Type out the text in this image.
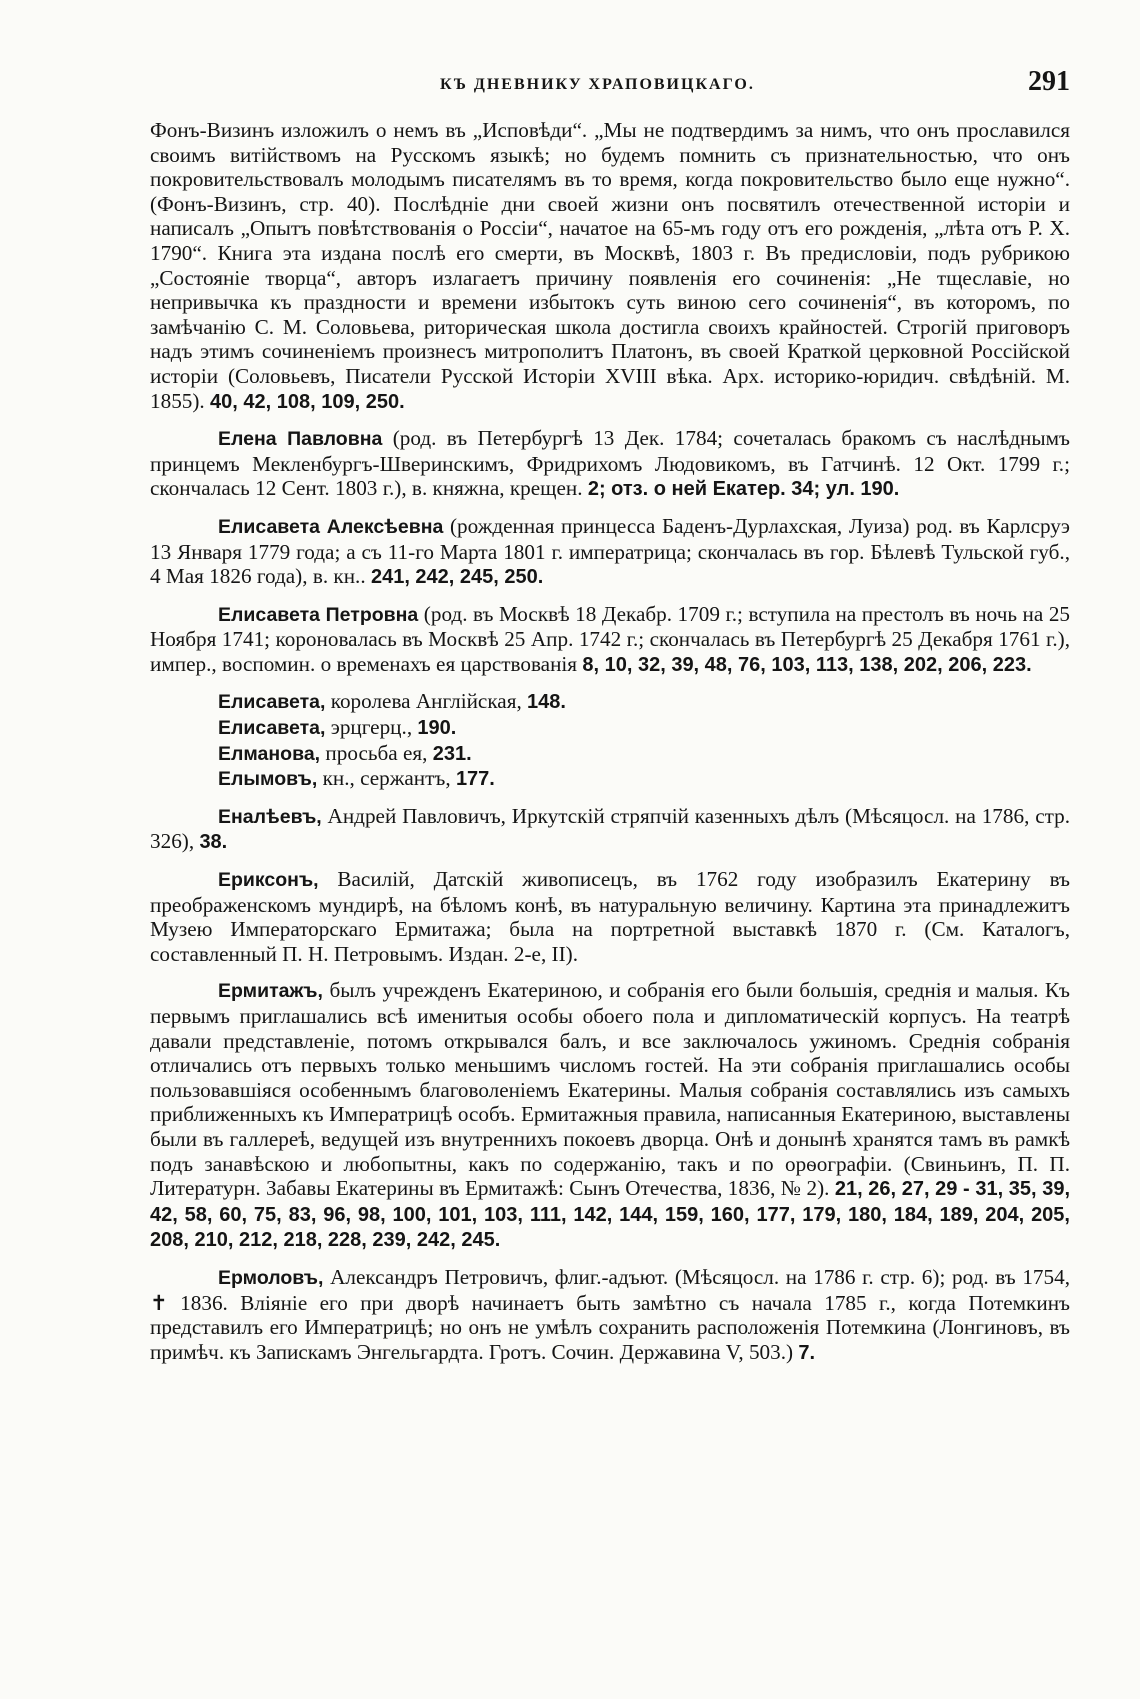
КЪ ДНЕВНИКУ ХРАПОВИЦКАГО.	291

Фонъ-Визинъ изложилъ о немъ въ „Исповѣди“. „Мы не подтвердимъ за нимъ, что онъ прославился своимъ витійствомъ на Русскомъ языкѣ; но будемъ помнить съ признательностью, что онъ покровительствовалъ молодымъ писателямъ въ то время, когда покровительство было еще нужно“. (Фонъ-Визинъ, стр. 40). Послѣдніе дни своей жизни онъ посвятилъ отечественной исторіи и написалъ „Опытъ повѣтствованія о Россіи“, начатое на 65-мъ году отъ его рожденія, „лѣта отъ Р. Х. 1790“. Книга эта издана послѣ его смерти, въ Москвѣ, 1803 г. Въ предисловіи, подъ рубрикою „Состояніе творца“, авторъ излагаетъ причину появленія его сочиненія: „Не тщеславіе, но непривычка къ праздности и времени избытокъ суть виною сего сочиненія“, въ которомъ, по замѣчанію С. М. Соловьева, риторическая школа достигла своихъ крайностей. Строгій приговоръ надъ этимъ сочиненіемъ произнесъ митрополитъ Платонъ, въ своей Краткой церковной Россійской исторіи (Соловьевъ, Писатели Русской Исторіи XVIII вѣка. Арх. историко-юридич. свѣдѣній. М. 1855). 40, 42, 108, 109, 250.

Елена Павловна (род. въ Петербургѣ 13 Дек. 1784; сочеталась бракомъ съ наслѣднымъ принцемъ Мекленбургъ-Шверинскимъ, Фридрихомъ Людовикомъ, въ Гатчинѣ. 12 Окт. 1799 г.; скончалась 12 Сент. 1803 г.), в. княжна, крещен. 2; отз. о ней Екатер. 34; ул. 190.

Елисавета Алексѣевна (рожденная принцесса Баденъ-Дурлахская, Луиза) род. въ Карлсруэ 13 Января 1779 года; а съ 11-го Марта 1801 г. императрица; скончалась въ гор. Бѣлевѣ Тульской губ., 4 Мая 1826 года), в. кн.. 241, 242, 245, 250.

Елисавета Петровна (род. въ Москвѣ 18 Декабр. 1709 г.; вступила на престолъ въ ночь на 25 Ноября 1741; короновалась въ Москвѣ 25 Апр. 1742 г.; скончалась въ Петербургѣ 25 Декабря 1761 г.), импер., воспомин. о временахъ ея царствованія 8, 10, 32, 39, 48, 76, 103, 113, 138, 202, 206, 223.

Елисавета, королева Англійская, 148.

Елисавета, эрцгерц., 190.

Елманова, просьба ея, 231.

Елымовъ, кн., сержантъ, 177.

Еналѣевъ, Андрей Павловичъ, Иркутскій стряпчій казенныхъ дѣлъ (Мѣсяцосл. на 1786, стр. 326), 38.

Ериксонъ, Василій, Датскій живописецъ, въ 1762 году изобразилъ Екатерину въ преображенскомъ мундирѣ, на бѣломъ конѣ, въ натуральную величину. Картина эта принадлежитъ Музею Императорскаго Ермитажа; была на портретной выставкѣ 1870 г. (См. Каталогъ, составленный П. Н. Петровымъ. Издан. 2-е, II).

Ермитажъ, былъ учрежденъ Екатериною, и собранія его были большія, среднія и малыя. Къ первымъ приглашались всѣ именитыя особы обоего пола и дипломатическій корпусъ. На театрѣ давали представленіе, потомъ открывался балъ, и все заключалось ужиномъ. Среднія собранія отличались отъ первыхъ только меньшимъ числомъ гостей. На эти собранія приглашались особы пользовавшіяся особеннымъ благоволеніемъ Екатерины. Малыя собранія составлялись изъ самыхъ приближенныхъ къ Императрицѣ особъ. Ермитажныя правила, написанныя Екатериною, выставлены были въ галлереѣ, ведущей изъ внутреннихъ покоевъ дворца. Онѣ и донынѣ хранятся тамъ въ рамкѣ подъ занавѣскою и любопытны, какъ по содержанію, такъ и по орѳографіи. (Свиньинъ, П. П. Литературн. Забавы Екатерины въ Ермитажѣ: Сынъ Отечества, 1836, № 2). 21, 26, 27, 29 - 31, 35, 39, 42, 58, 60, 75, 83, 96, 98, 100, 101, 103, 111, 142, 144, 159, 160, 177, 179, 180, 184, 189, 204, 205, 208, 210, 212, 218, 228, 239, 242, 245.

Ермоловъ, Александръ Петровичъ, флиг.-адъют. (Мѣсяцосл. на 1786 г. стр. 6); род. въ 1754, ✝ 1836. Вліяніе его при дворѣ начинаетъ быть замѣтно съ начала 1785 г., когда Потемкинъ представилъ его Императрицѣ; но онъ не умѣлъ сохранить расположенія Потемкина (Лонгиновъ, въ примѣч. къ Запискамъ Энгельгардта. Гротъ. Сочин. Державина V, 503.) 7.
